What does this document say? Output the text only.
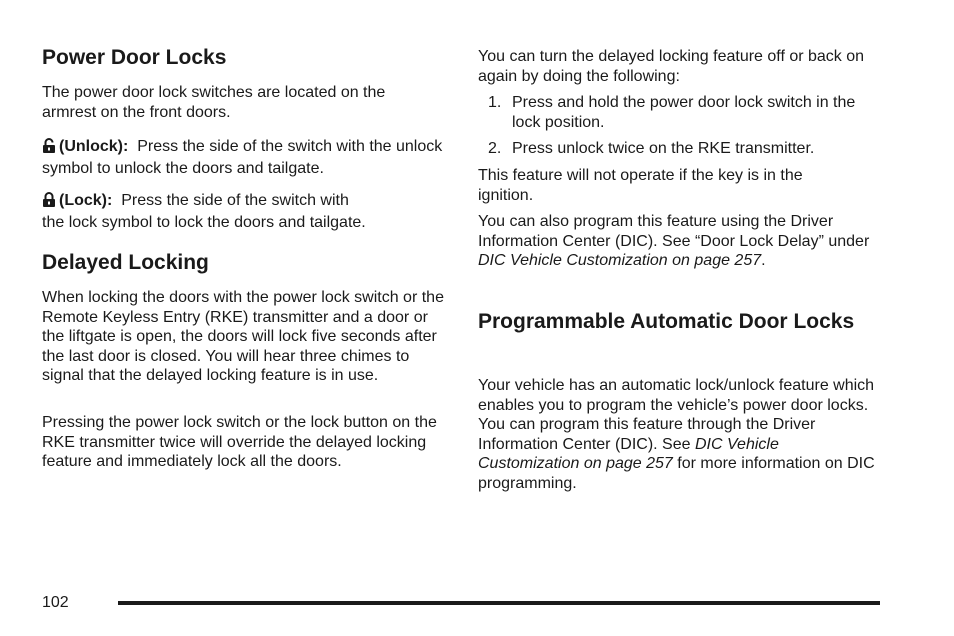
Power Door Locks

The power door lock switches are located on the armrest on the front doors.

(Unlock): Press the side of the switch with the unlock symbol to unlock the doors and tailgate.

(Lock): Press the side of the switch with
the lock symbol to lock the doors and tailgate.

Delayed Locking

When locking the doors with the power lock switch or the Remote Keyless Entry (RKE) transmitter and a door or the liftgate is open, the doors will lock five seconds after the last door is closed. You will hear three chimes to signal that the delayed locking feature is in use.

Pressing the power lock switch or the lock button on the RKE transmitter twice will override the delayed locking feature and immediately lock all the doors.

You can turn the delayed locking feature off or back on again by doing the following:

1. Press and hold the power door lock switch in the lock position.
2. Press unlock twice on the RKE transmitter.

This feature will not operate if the key is in the ignition.

You can also program this feature using the Driver Information Center (DIC). See “Door Lock Delay” under DIC Vehicle Customization on page 257.

Programmable Automatic Door Locks

Your vehicle has an automatic lock/unlock feature which enables you to program the vehicle’s power door locks. You can program this feature through the Driver Information Center (DIC). See DIC Vehicle Customization on page 257 for more information on DIC programming.

102
